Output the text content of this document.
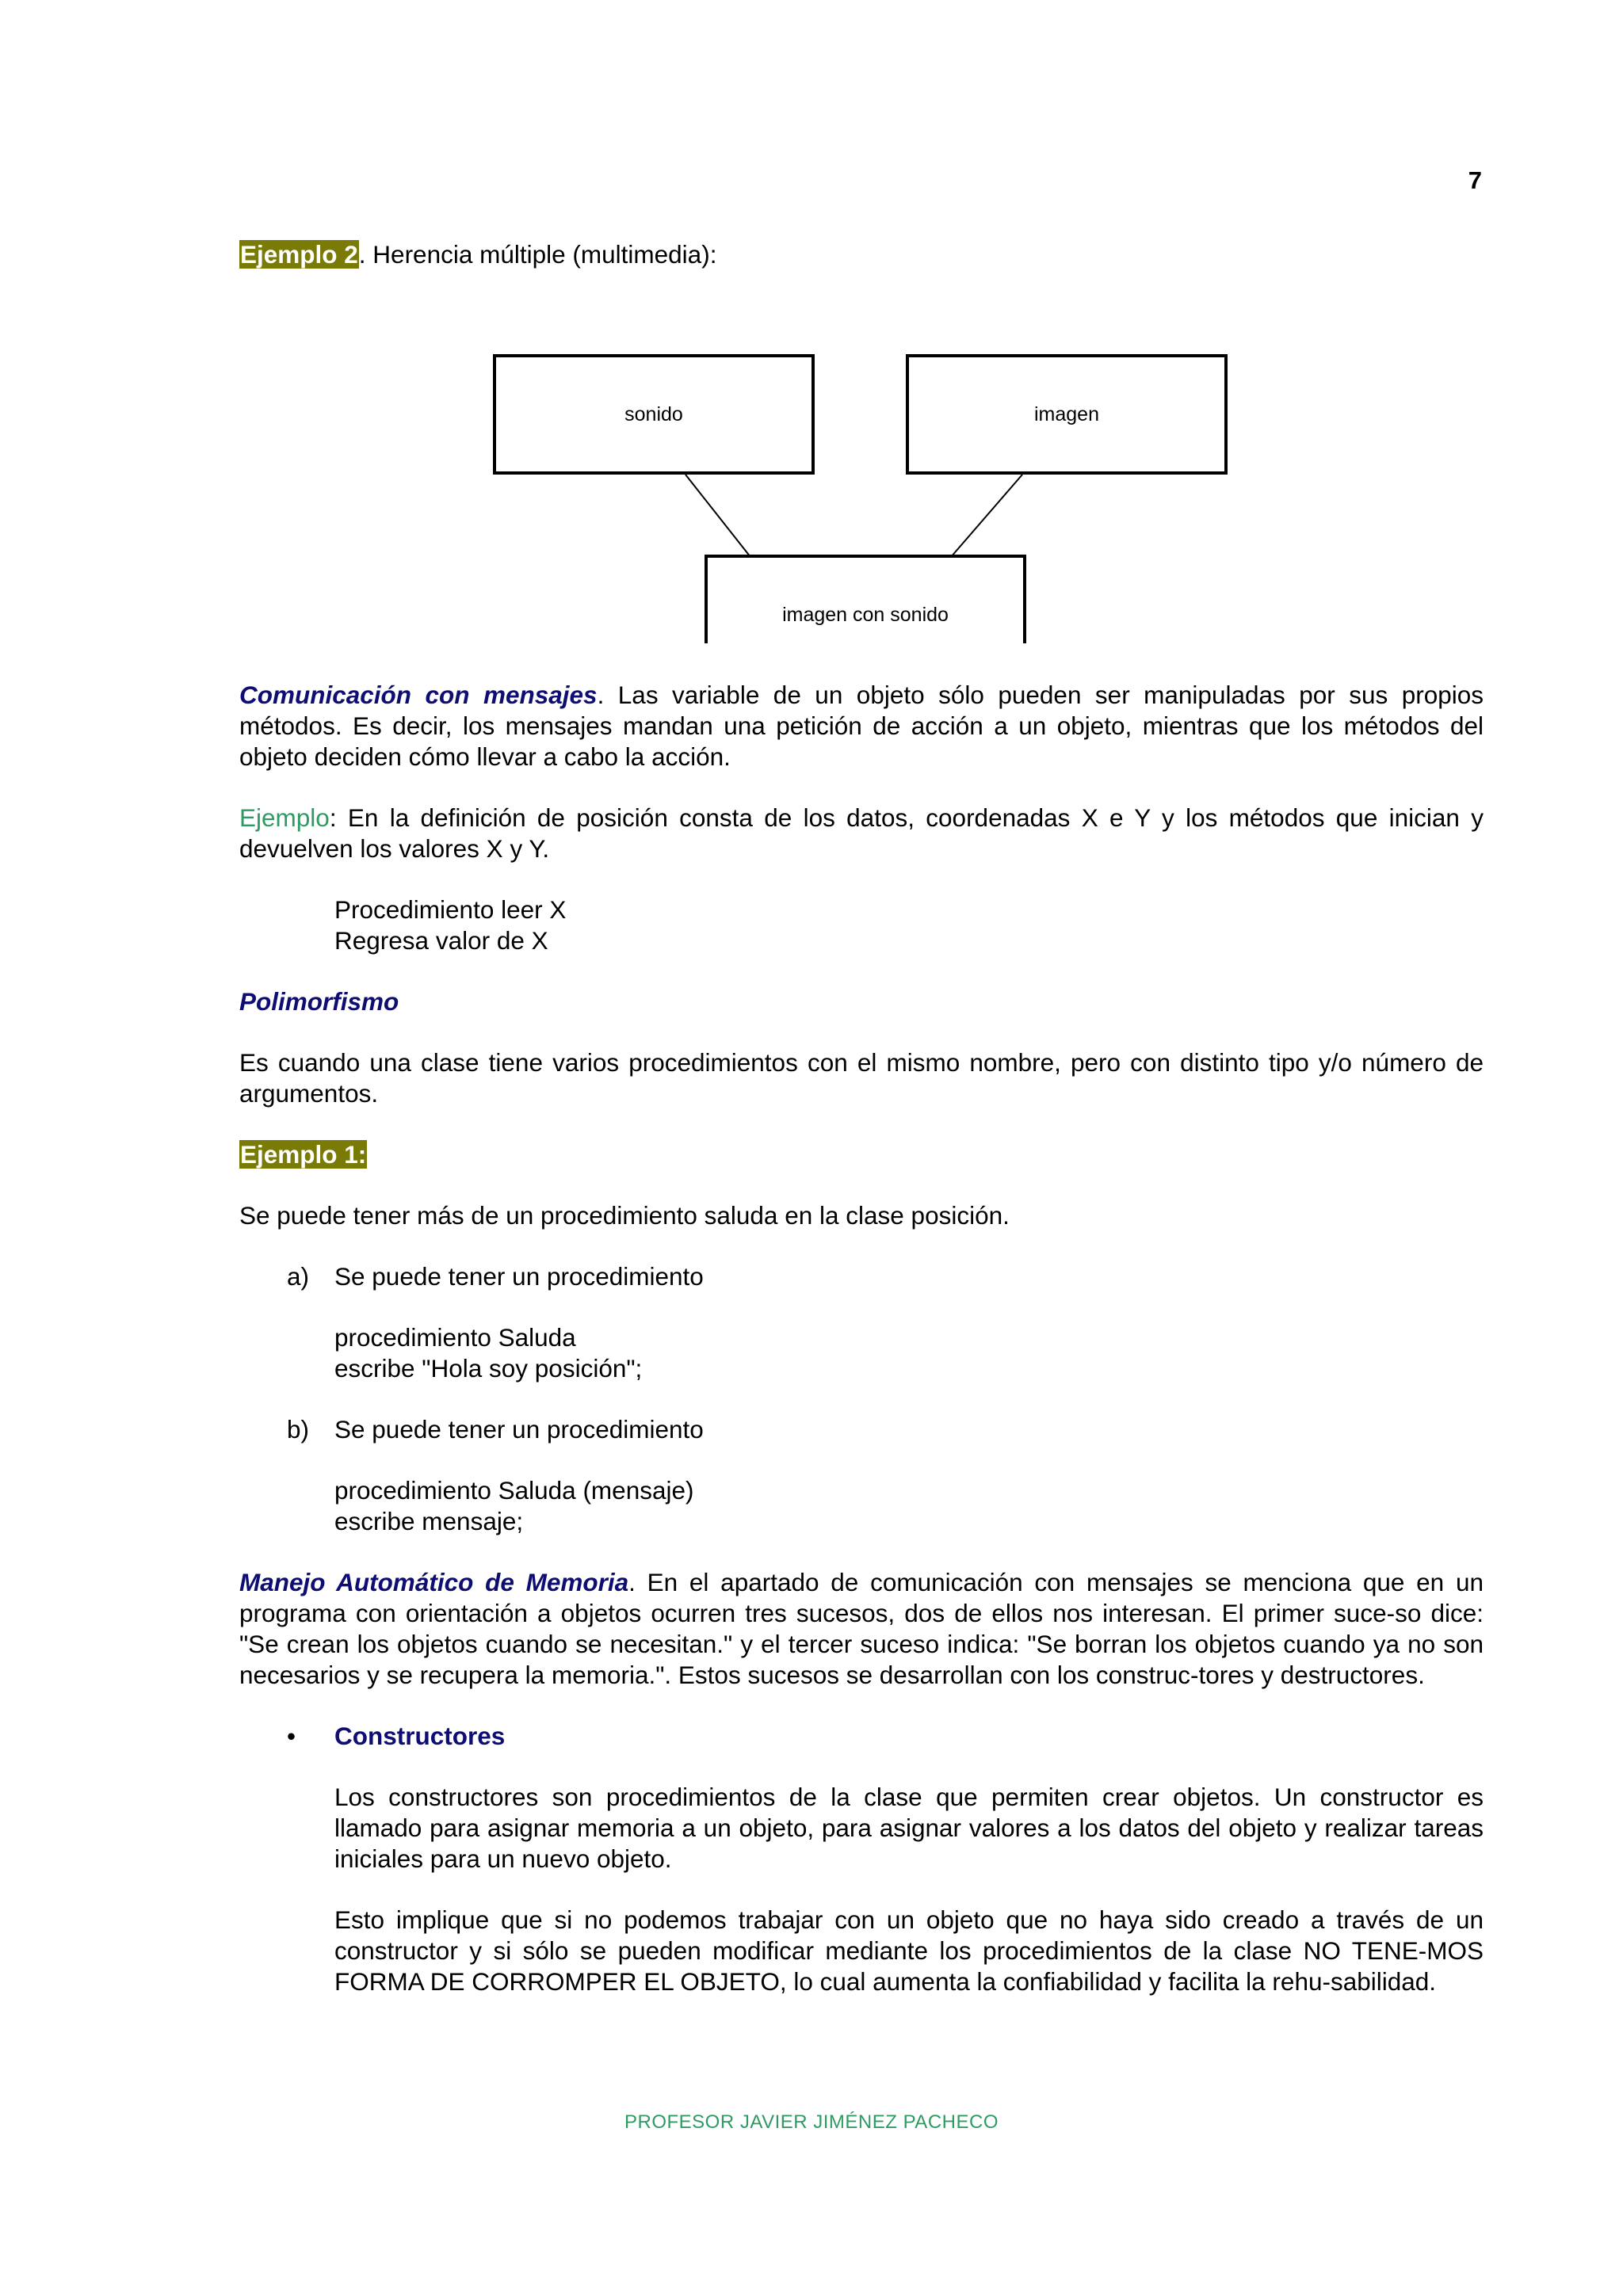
7

Ejemplo 2. Herencia múltiple (multimedia):

sonido	imagen
imagen con sonido

Comunicación con mensajes. Las variable de un objeto sólo pueden ser manipuladas por sus propios métodos. Es decir, los mensajes mandan una petición de acción a un objeto, mientras que los métodos del objeto deciden cómo llevar a cabo la acción.

Ejemplo: En la definición de posición consta de los datos, coordenadas X e Y y los métodos que inician y devuelven los valores X y Y.

Procedimiento leer X

Regresa valor de X

Polimorfismo

Es cuando una clase tiene varios procedimientos con el mismo nombre, pero con distinto tipo y/o número de argumentos.

Ejemplo 1:

Se puede tener más de un procedimiento saluda en la clase posición.

a) Se puede tener un procedimiento

procedimiento Saluda

escribe "Hola soy posición";

b) Se puede tener un procedimiento

procedimiento Saluda (mensaje)

escribe mensaje;

Manejo Automático de Memoria. En el apartado de comunicación con mensajes se menciona que en un programa con orientación a objetos ocurren tres sucesos, dos de ellos nos interesan. El primer suce-so dice: "Se crean los objetos cuando se necesitan." y el tercer suceso indica: "Se borran los objetos cuando ya no son necesarios y se recupera la memoria.". Estos sucesos se desarrollan con los construc-tores y destructores.

• Constructores

Los constructores son procedimientos de la clase que permiten crear objetos. Un constructor es llamado para asignar memoria a un objeto, para asignar valores a los datos del objeto y realizar tareas iniciales para un nuevo objeto.

Esto implique que si no podemos trabajar con un objeto que no haya sido creado a través de un constructor y si sólo se pueden modificar mediante los procedimientos de la clase NO TENE-MOS FORMA DE CORROMPER EL OBJETO, lo cual aumenta la confiabilidad y facilita la rehu-sabilidad.

PROFESOR JAVIER JIMÉNEZ PACHECO
